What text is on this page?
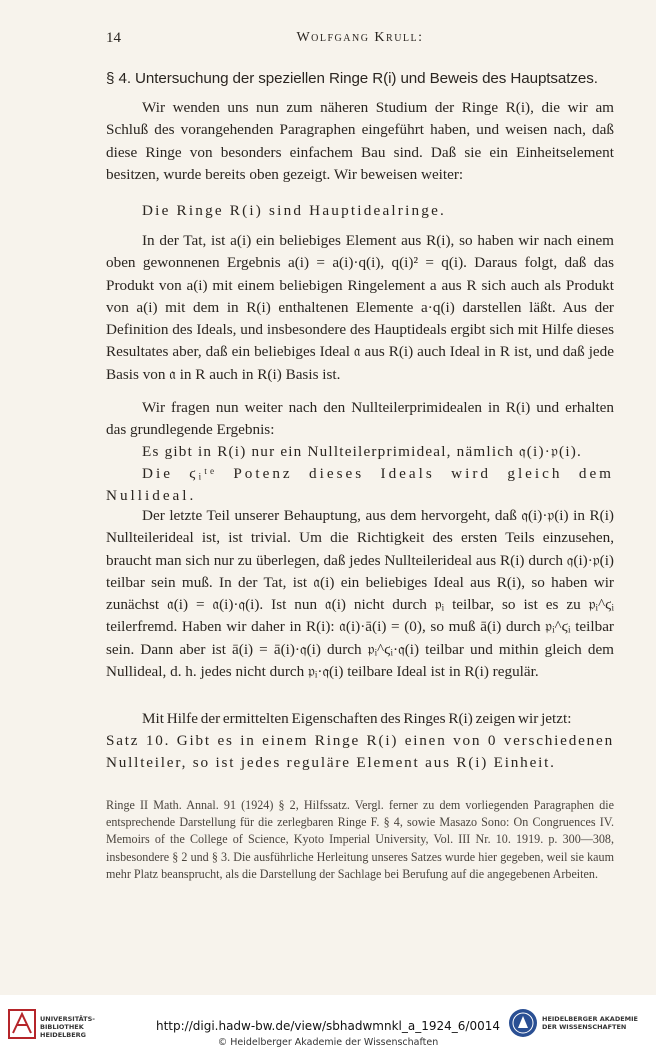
14	Wolfgang Krull:
§ 4. Untersuchung der speziellen Ringe R(i) und Beweis des Hauptsatzes.

Wir wenden uns nun zum näheren Studium der Ringe R(i), die wir am Schluß des vorangehenden Paragraphen eingeführt haben, und weisen nach, daß diese Ringe von besonders einfachem Bau sind. Daß sie ein Einheitselement besitzen, wurde bereits oben gezeigt. Wir beweisen weiter:

Die Ringe R(i) sind Hauptidealringe.

In der Tat, ist a(i) ein beliebiges Element aus R(i), so haben wir nach einem oben gewonnenen Ergebnis a(i) = a(i)·q(i), q(i)² = q(i). Daraus folgt, daß das Produkt von a(i) mit einem beliebigen Ringelement a aus R sich auch als Produkt von a(i) mit dem in R(i) enthaltenen Elemente a·q(i) darstellen läßt. Aus der Definition des Ideals, und insbesondere des Hauptideals ergibt sich mit Hilfe dieses Resultates aber, daß ein beliebiges Ideal 𝔞 aus R(i) auch Ideal in R ist, und daß jede Basis von 𝔞 in R auch in R(i) Basis ist.

Wir fragen nun weiter nach den Nullteilerprimidealen in R(i) und erhalten das grundlegende Ergebnis:

Es gibt in R(i) nur ein Nullteilerprimideal, nämlich 𝔮(i)·𝔭(i).

Die ϛᵢᵗᵉ Potenz dieses Ideals wird gleich dem Nullideal.

Der letzte Teil unserer Behauptung, aus dem hervorgeht, daß 𝔮(i)·𝔭(i) in R(i) Nullteilerideal ist, ist trivial. Um die Richtigkeit des ersten Teils einzusehen, braucht man sich nur zu überlegen, daß jedes Nullteilerideal aus R(i) durch 𝔮(i)·𝔭(i) teilbar sein muß. In der Tat, ist 𝔞(i) ein beliebiges Ideal aus R(i), so haben wir zunächst 𝔞(i) = 𝔞(i)·𝔮(i). Ist nun 𝔞(i) nicht durch 𝔭ᵢ teilbar, so ist es zu 𝔭ᵢ^ϛᵢ teilerfremd. Haben wir daher in R(i): 𝔞(i)·ā(i) = (0), so muß ā(i) durch 𝔭ᵢ^ϛᵢ teilbar sein. Dann aber ist ā(i) = ā(i)·𝔮(i) durch 𝔭ᵢ^ϛᵢ·𝔮(i) teilbar und mithin gleich dem Nullideal, d. h. jedes nicht durch 𝔭ᵢ·𝔮(i) teilbare Ideal ist in R(i) regulär.

Mit Hilfe der ermittelten Eigenschaften des Ringes R(i) zeigen wir jetzt:

Satz 10. Gibt es in einem Ringe R(i) einen von 0 verschiedenen Nullteiler, so ist jedes reguläre Element aus R(i) Einheit.

Ringe II Math. Annal. 91 (1924) § 2, Hilfssatz. Vergl. ferner zu dem vorliegenden Paragraphen die entsprechende Darstellung für die zerlegbaren Ringe F. § 4, sowie Masazo Sono: On Congruences IV. Memoirs of the College of Science, Kyoto Imperial University, Vol. III Nr. 10. 1919. p. 300—308, insbesondere § 2 und § 3. Die ausführliche Herleitung unseres Satzes wurde hier gegeben, weil sie kaum mehr Platz beansprucht, als die Darstellung der Sachlage bei Berufung auf die angegebenen Arbeiten.
UNIVERSITÄTS-
BIBLIOTHEK
HEIDELBERG
http://digi.hadw-bw.de/view/sbhadwmnkl_a_1924_6/0014
© Heidelberger Akademie der Wissenschaften
HEIDELBERGER AKADEMIE
DER WISSENSCHAFTEN
